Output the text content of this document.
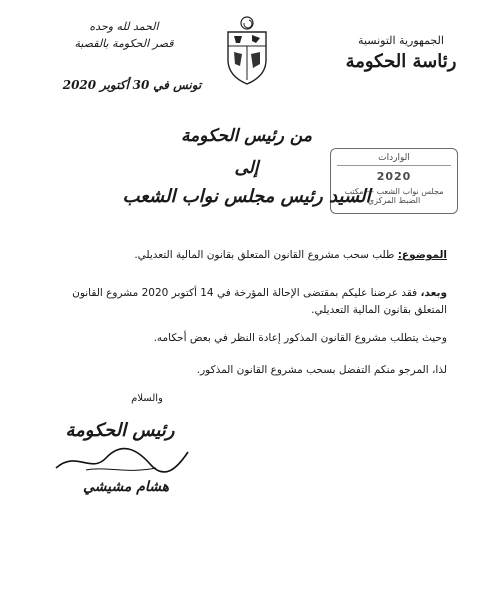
الجمهورية التونسية
رئاسة الحكومة
الحمد لله وحده
قصر الحكومة بالقصبة
تونس في 30 أكتوبر 2020
الواردات
2020
مجلس نواب الشعب — مكتب الضبط المركزي
من رئيس الحكومة
إلى
السيد رئيس مجلس نواب الشعب
الموضوع: طلب سحب مشروع القانون المتعلق بقانون المالية التعديلي.
وبعد، فقد عرضنا عليكم بمقتضى الإحالة المؤرخة في 14 أكتوبر 2020 مشروع القانون المتعلق بقانون المالية التعديلي.
وحيث يتطلب مشروع القانون المذكور إعادة النظر في بعض أحكامه.
لذا، المرجو منكم التفضل بسحب مشروع القانون المذكور.
والسلام
رئيس الحكومة
هشام مشيشي
